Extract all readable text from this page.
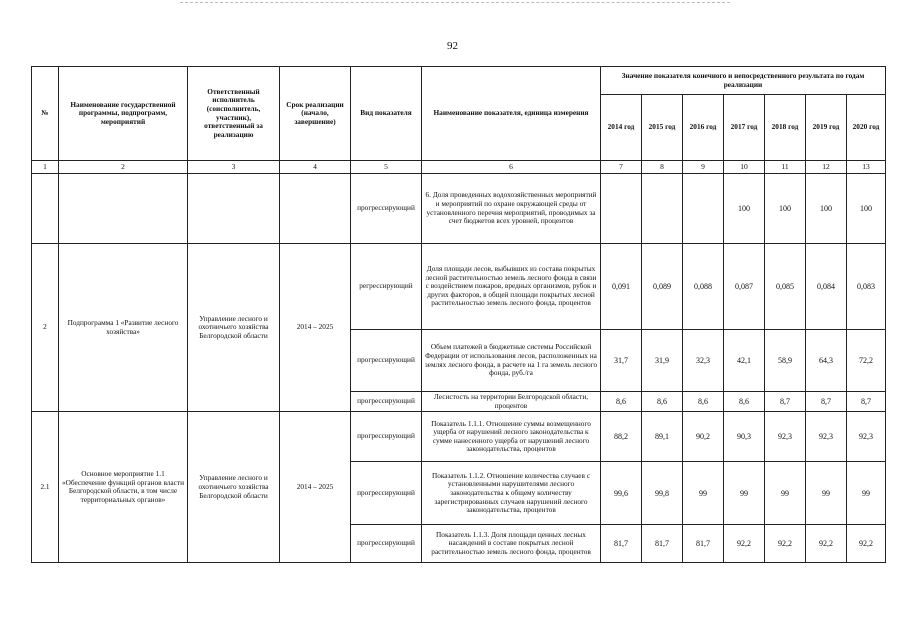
92
№	Наименование государственной программы, подпрограмм, мероприятий	Ответственный исполнитель (соисполнитель, участник), ответственный за реализацию	Срок реализации (начало, завершение)	Вид показателя	Наименование показателя, единица измерения	Значение показателя конечного и непосредственного результата по годам реализации						
						2014 год	2015 год	2016 год	2017 год	2018 год	2019 год	2020 год
1	2	3	4	5	6	7	8	9	10	11	12	13
				прогрессирующий	6. Доля проведенных водохозяйственных мероприятий и мероприятий по охране окружающей среды от установленного перечня мероприятий, проводимых за счет бюджетов всех уровней, процентов				100	100	100	100
2	Подпрограмма 1 «Развитие лесного хозяйства»	Управление лесного и охотничьего хозяйства Белгородской области	2014 – 2025	регрессирующий	Доля площади лесов, выбывших из состава покрытых лесной растительностью земель лесного фонда в связи с воздействием пожаров, вредных организмов, рубок и других факторов, в общей площади покрытых лесной растительностью земель лесного фонда, процентов	0,091	0,089	0,088	0,087	0,085	0,084	0,083
				прогрессирующий	Объем платежей в бюджетные системы Российской Федерации от использования лесов, расположенных на землях лесного фонда, в расчете на 1 га земель лесного фонда, руб./га	31,7	31,9	32,3	42,1	58,9	64,3	72,2
				прогрессирующий	Лесистость на территории Белгородской области, процентов	8,6	8,6	8,6	8,6	8,7	8,7	8,7
2.1	Основное мероприятие 1.1 «Обеспечение функций органов власти Белгородской области, в том числе территориальных органов»	Управление лесного и охотничьего хозяйства Белгородской области	2014 – 2025	прогрессирующий	Показатель 1.1.1. Отношение суммы возмещенного ущерба от нарушений лесного законодательства к сумме нанесенного ущерба от нарушений лесного законодательства, процентов	88,2	89,1	90,2	90,3	92,3	92,3	92,3
				прогрессирующий	Показатель 1.1.2. Отношение количества случаев с установленными нарушителями лесного законодательства к общему количеству зарегистрированных случаев нарушений лесного законодательства, процентов	99,6	99,8	99	99	99	99	99
				прогрессирующий	Показатель 1.1.3. Доля площади ценных лесных насаждений в составе покрытых лесной растительностью земель лесного фонда, процентов	81,7	81,7	81,7	92,2	92,2	92,2	92,2
